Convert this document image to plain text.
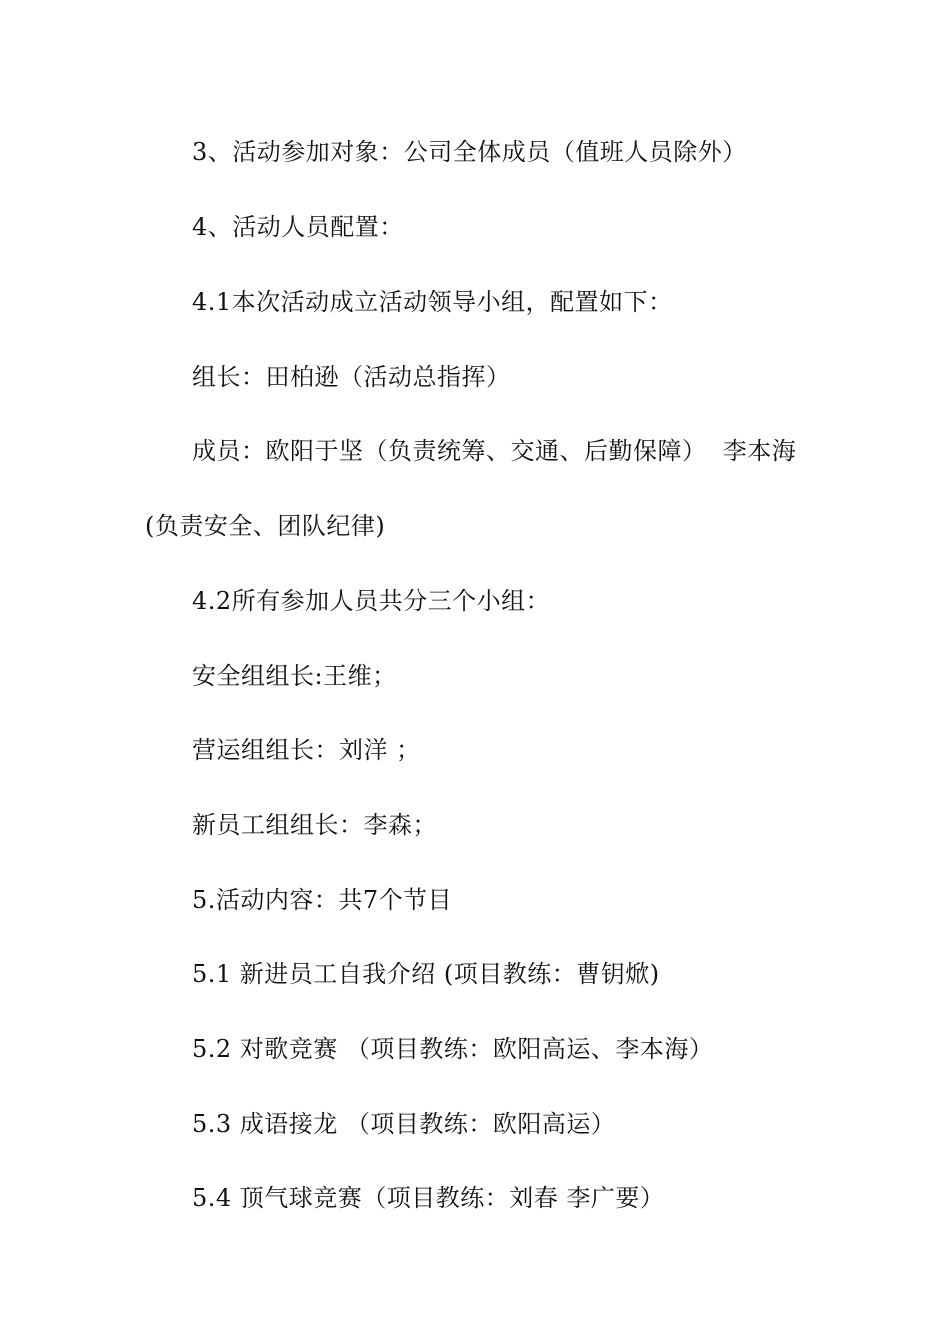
3、活动参加对象：公司全体成员（值班人员除外）
4、活动人员配置：
4.1本次活动成立活动领导小组，配置如下：
组长：田柏逊（活动总指挥）
成员：欧阳于坚（负责统筹、交通、后勤保障）  李本海
(负责安全、团队纪律)
4.2所有参加人员共分三个小组：
安全组组长:王维；
营运组组长：刘洋 ；
新员工组组长：李森；
5.活动内容：共7个节目
5.1 新进员工自我介绍 (项目教练：曹钥焮)
5.2 对歌竞赛 （项目教练：欧阳高运、李本海）
5.3 成语接龙 （项目教练：欧阳高运）
5.4 顶气球竞赛（项目教练：刘春 李广要）
